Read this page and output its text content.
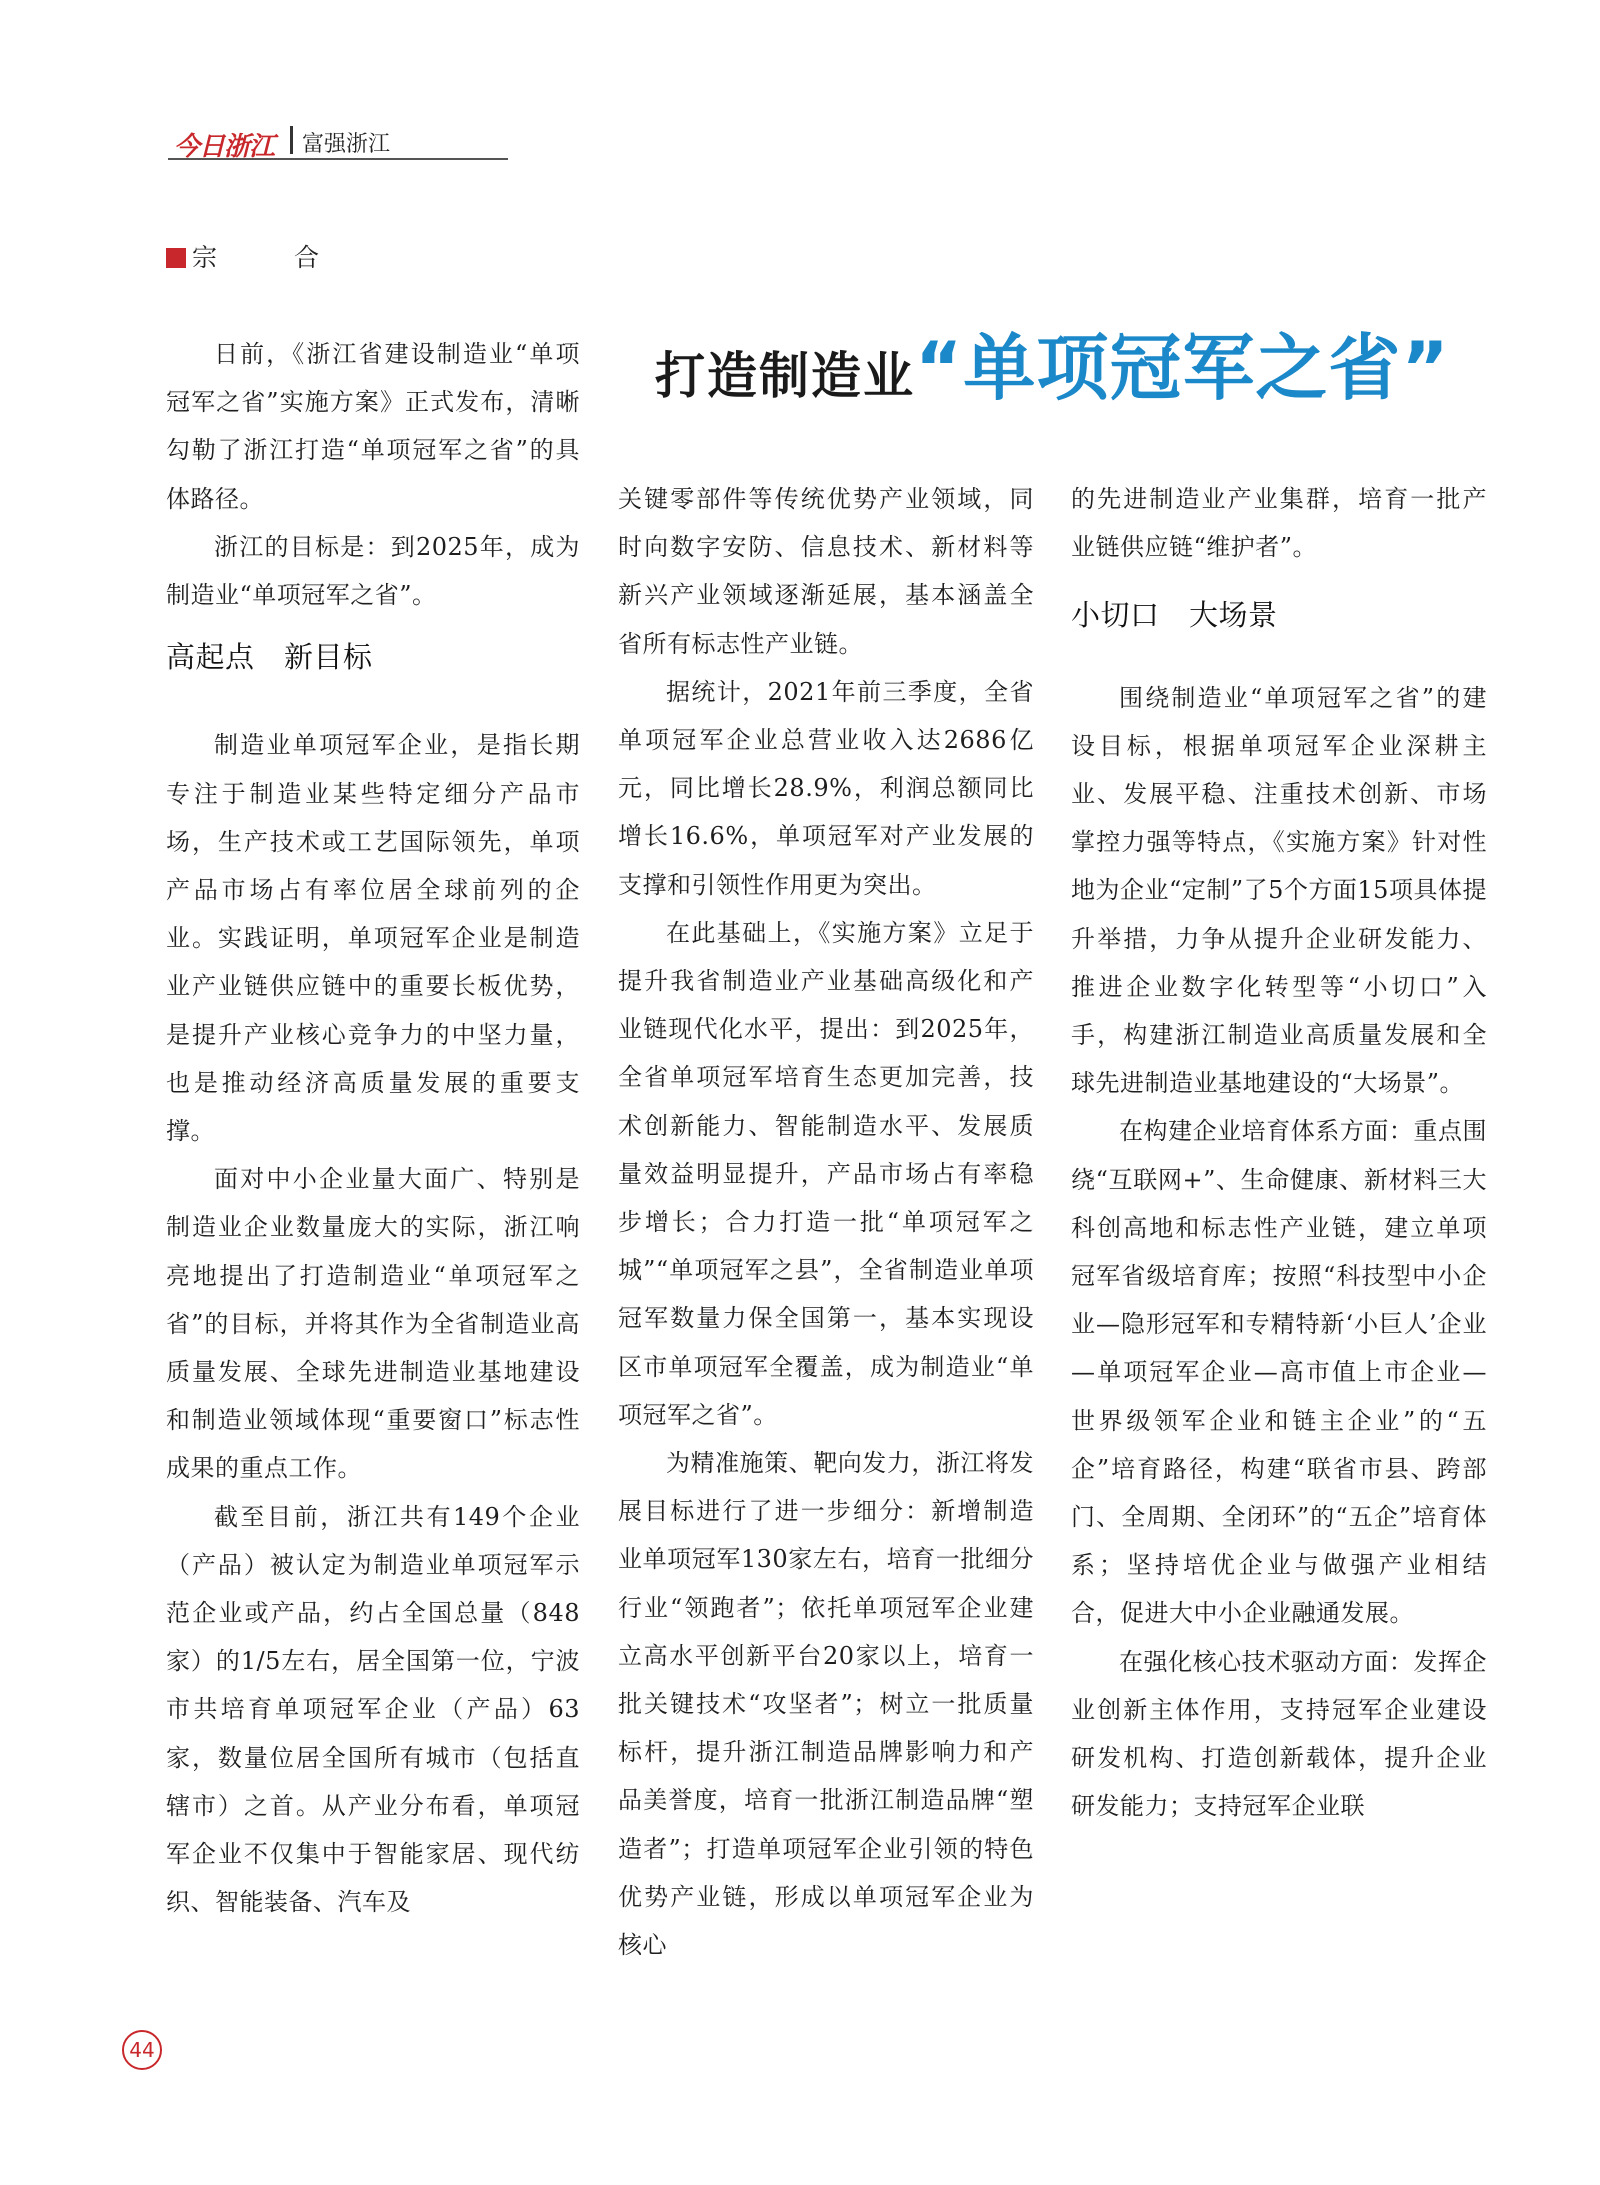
今日浙江 富强浙江
宗　合
打造制造业“单项冠军之省”

日前，《浙江省建设制造业“单项冠军之省”实施方案》正式发布，清晰勾勒了浙江打造“单项冠军之省”的具体路径。

浙江的目标是：到2025年，成为制造业“单项冠军之省”。

高起点　新目标

制造业单项冠军企业，是指长期专注于制造业某些特定细分产品市场，生产技术或工艺国际领先，单项产品市场占有率位居全球前列的企业。实践证明，单项冠军企业是制造业产业链供应链中的重要长板优势，是提升产业核心竞争力的中坚力量，也是推动经济高质量发展的重要支撑。

面对中小企业量大面广、特别是制造业企业数量庞大的实际，浙江响亮地提出了打造制造业“单项冠军之省”的目标，并将其作为全省制造业高质量发展、全球先进制造业基地建设和制造业领域体现“重要窗口”标志性成果的重点工作。

截至目前，浙江共有149个企业（产品）被认定为制造业单项冠军示范企业或产品，约占全国总量（848家）的1/5左右，居全国第一位，宁波市共培育单项冠军企业（产品）63家，数量位居全国所有城市（包括直辖市）之首。从产业分布看，单项冠军企业不仅集中于智能家居、现代纺织、智能装备、汽车及

关键零部件等传统优势产业领域，同时向数字安防、信息技术、新材料等新兴产业领域逐渐延展，基本涵盖全省所有标志性产业链。

据统计，2021年前三季度，全省单项冠军企业总营业收入达2686亿元，同比增长28.9%，利润总额同比增长16.6%，单项冠军对产业发展的支撑和引领性作用更为突出。

在此基础上，《实施方案》立足于提升我省制造业产业基础高级化和产业链现代化水平，提出：到2025年，全省单项冠军培育生态更加完善，技术创新能力、智能制造水平、发展质量效益明显提升，产品市场占有率稳步增长；合力打造一批“单项冠军之城”“单项冠军之县”，全省制造业单项冠军数量力保全国第一，基本实现设区市单项冠军全覆盖，成为制造业“单项冠军之省”。

为精准施策、靶向发力，浙江将发展目标进行了进一步细分：新增制造业单项冠军130家左右，培育一批细分行业“领跑者”；依托单项冠军企业建立高水平创新平台20家以上，培育一批关键技术“攻坚者”；树立一批质量标杆，提升浙江制造品牌影响力和产品美誉度，培育一批浙江制造品牌“塑造者”；打造单项冠军企业引领的特色优势产业链，形成以单项冠军企业为核心

的先进制造业产业集群，培育一批产业链供应链“维护者”。

小切口　大场景

围绕制造业“单项冠军之省”的建设目标，根据单项冠军企业深耕主业、发展平稳、注重技术创新、市场掌控力强等特点，《实施方案》针对性地为企业“定制”了5个方面15项具体提升举措，力争从提升企业研发能力、推进企业数字化转型等“小切口”入手，构建浙江制造业高质量发展和全球先进制造业基地建设的“大场景”。

在构建企业培育体系方面：重点围绕“互联网+”、生命健康、新材料三大科创高地和标志性产业链，建立单项冠军省级培育库；按照“科技型中小企业—隐形冠军和专精特新‘小巨人’企业—单项冠军企业—高市值上市企业—世界级领军企业和链主企业”的“五企”培育路径，构建“联省市县、跨部门、全周期、全闭环”的“五企”培育体系；坚持培优企业与做强产业相结合，促进大中小企业融通发展。

在强化核心技术驱动方面：发挥企业创新主体作用，支持冠军企业建设研发机构、打造创新载体，提升企业研发能力；支持冠军企业联

44
